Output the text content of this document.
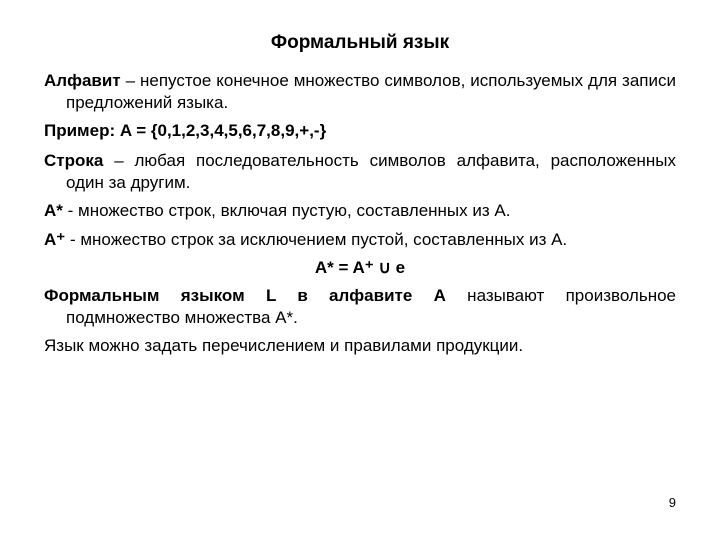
Формальный язык

Алфавит – непустое конечное множество символов, используемых для записи предложений языка.

Пример: A = {0,1,2,3,4,5,6,7,8,9,+,-}

Строка – любая последовательность символов алфавита, расположенных один за другим.

A* - множество строк, включая пустую, составленных из A.

A⁺ - множество строк за исключением пустой, составленных из A.

A* = A⁺ ∪ e

Формальным языком L в алфавите A называют произвольное подмножество множества A*.

Язык можно задать перечислением и правилами продукции.

9
